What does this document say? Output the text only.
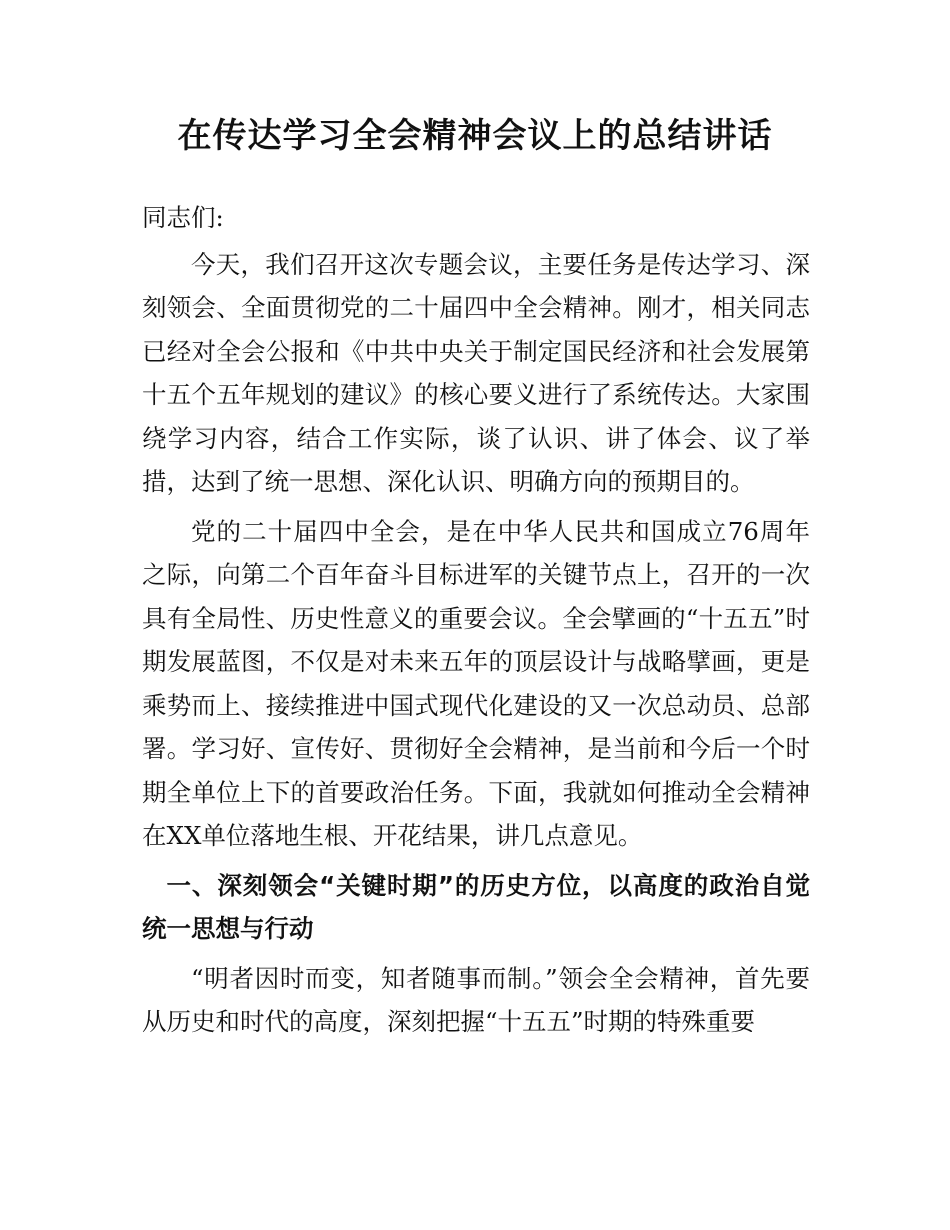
在传达学习全会精神会议上的总结讲话
同志们:

今天，我们召开这次专题会议，主要任务是传达学习、深刻领会、全面贯彻党的二十届四中全会精神。刚才，相关同志已经对全会公报和《中共中央关于制定国民经济和社会发展第十五个五年规划的建议》的核心要义进行了系统传达。大家围绕学习内容，结合工作实际，谈了认识、讲了体会、议了举措，达到了统一思想、深化认识、明确方向的预期目的。

党的二十届四中全会，是在中华人民共和国成立76周年之际，向第二个百年奋斗目标进军的关键节点上，召开的一次具有全局性、历史性意义的重要会议。全会擘画的“十五五”时期发展蓝图，不仅是对未来五年的顶层设计与战略擘画，更是乘势而上、接续推进中国式现代化建设的又一次总动员、总部署。学习好、宣传好、贯彻好全会精神，是当前和今后一个时期全单位上下的首要政治任务。下面，我就如何推动全会精神在XX单位落地生根、开花结果，讲几点意见。

一、深刻领会“关键时期”的历史方位，以高度的政治自觉统一思想与行动

“明者因时而变，知者随事而制。”领会全会精神，首先要从历史和时代的高度，深刻把握“十五五”时期的特殊重要
